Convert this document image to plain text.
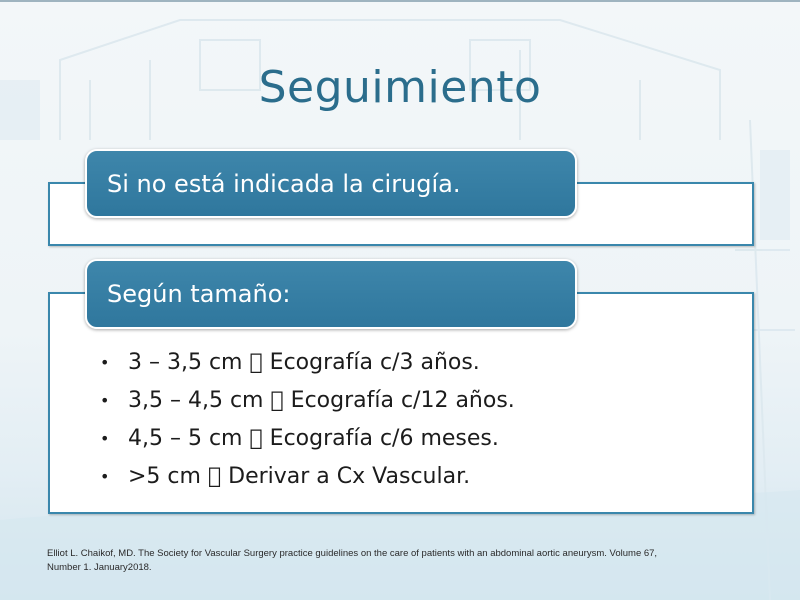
Seguimiento
Si no está indicada la cirugía.
Según tamaño:
• 3 – 3,5 cm   Ecografía c/3 años.
• 3,5 – 4,5 cm   Ecografía c/12 años.
• 4,5 – 5 cm   Ecografía c/6 meses.
• >5 cm   Derivar a Cx Vascular.
Elliot L. Chaikof, MD. The Society for Vascular Surgery practice guidelines on the care of patients with an abdominal aortic aneurysm. Volume 67,
Number 1. January2018.
